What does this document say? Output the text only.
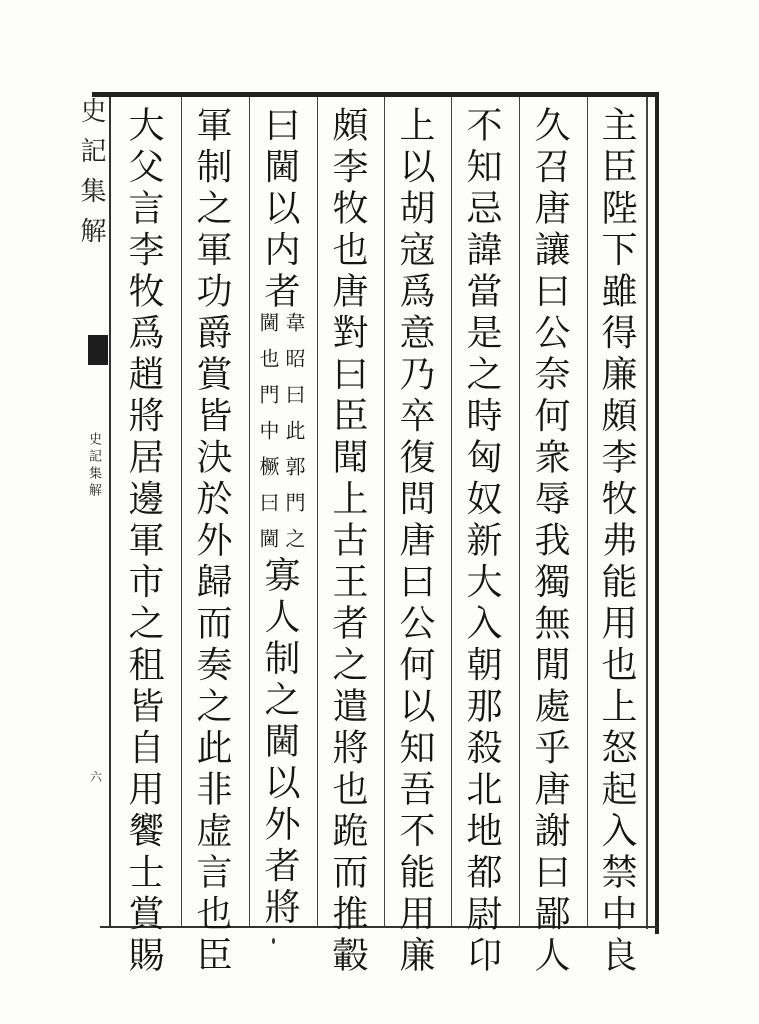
主臣陛下雖得廉頗李牧弗能用也上怒起入禁中良
久召唐讓曰公奈何衆辱我獨無閒處乎唐謝曰鄙人
不知忌諱當是之時匈奴新大入朝那殺北地都尉卬
上以胡寇爲意乃卒復問唐曰公何以知吾不能用廉
頗李牧也唐對曰臣聞上古王者之遣將也跪而推轂
曰閫以内者
韋昭曰此郭門之
閫也門中橛曰閫
寡人制之閫以外者將
軍制之軍功爵賞皆決於外歸而奏之此非虚言也臣
大父言李牧爲趙將居邊軍市之租皆自用饗士賞賜
史記集解
史記集解
六
